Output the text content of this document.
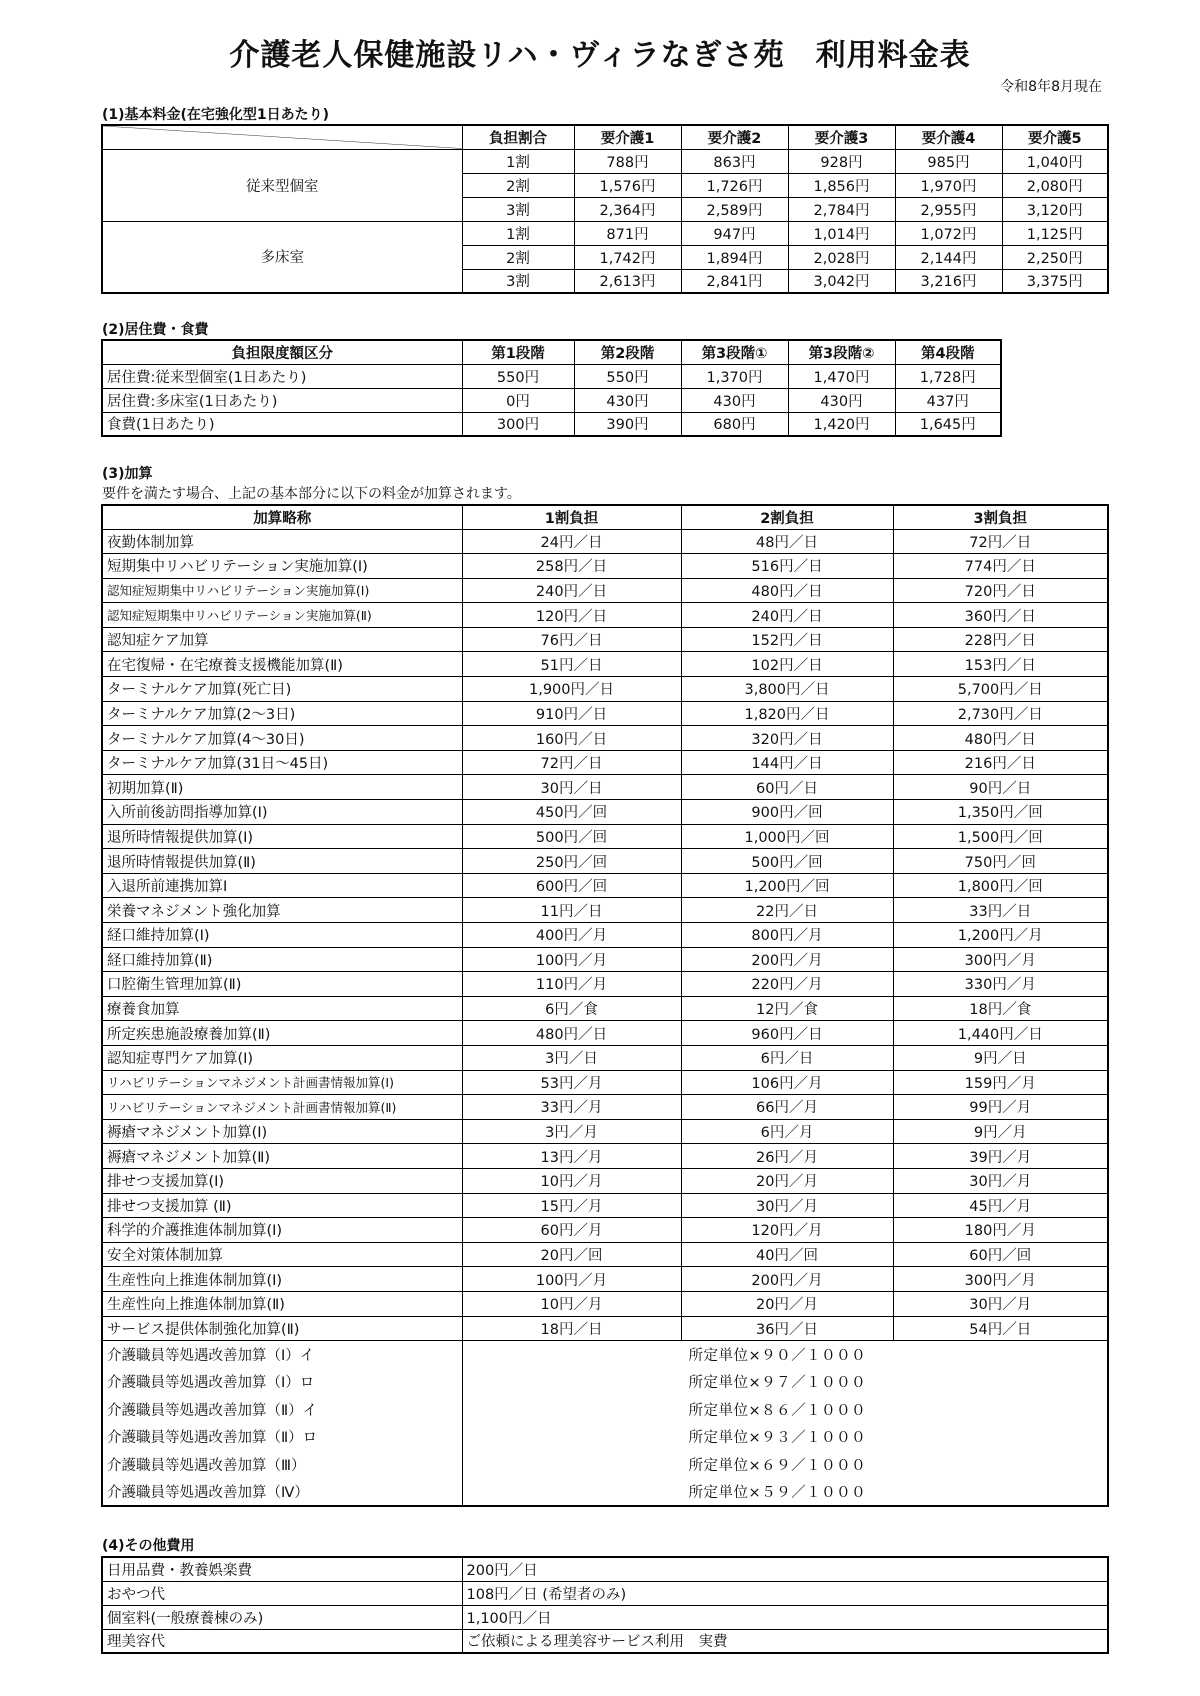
介護老人保健施設リハ・ヴィラなぎさ苑　利用料金表
令和8年8月現在
(1)基本料金(在宅強化型1日あたり)
	負担割合	要介護1	要介護2	要介護3	要介護4	要介護5
従来型個室	1割	788円	863円	928円	985円	1,040円
	2割	1,576円	1,726円	1,856円	1,970円	2,080円
	3割	2,364円	2,589円	2,784円	2,955円	3,120円
多床室	1割	871円	947円	1,014円	1,072円	1,125円
	2割	1,742円	1,894円	2,028円	2,144円	2,250円
	3割	2,613円	2,841円	3,042円	3,216円	3,375円
(2)居住費・食費
負担限度額区分	第1段階	第2段階	第3段階①	第3段階②	第4段階
居住費:従来型個室(1日あたり)	550円	550円	1,370円	1,470円	1,728円
居住費:多床室(1日あたり)	0円	430円	430円	430円	437円
食費(1日あたり)	300円	390円	680円	1,420円	1,645円
(3)加算
要件を満たす場合、上記の基本部分に以下の料金が加算されます。
加算略称	1割負担	2割負担	3割負担
夜勤体制加算	24円／日	48円／日	72円／日
短期集中リハビリテーション実施加算(Ⅰ)	258円／日	516円／日	774円／日
認知症短期集中リハビリテーション実施加算(Ⅰ)	240円／日	480円／日	720円／日
認知症短期集中リハビリテーション実施加算(Ⅱ)	120円／日	240円／日	360円／日
認知症ケア加算	76円／日	152円／日	228円／日
在宅復帰・在宅療養支援機能加算(Ⅱ)	51円／日	102円／日	153円／日
ターミナルケア加算(死亡日)	1,900円／日	3,800円／日	5,700円／日
ターミナルケア加算(2～3日)	910円／日	1,820円／日	2,730円／日
ターミナルケア加算(4～30日)	160円／日	320円／日	480円／日
ターミナルケア加算(31日～45日)	72円／日	144円／日	216円／日
初期加算(Ⅱ)	30円／日	60円／日	90円／日
入所前後訪問指導加算(Ⅰ)	450円／回	900円／回	1,350円／回
退所時情報提供加算(Ⅰ)	500円／回	1,000円／回	1,500円／回
退所時情報提供加算(Ⅱ)	250円／回	500円／回	750円／回
入退所前連携加算Ⅰ	600円／回	1,200円／回	1,800円／回
栄養マネジメント強化加算	11円／日	22円／日	33円／日
経口維持加算(Ⅰ)	400円／月	800円／月	1,200円／月
経口維持加算(Ⅱ)	100円／月	200円／月	300円／月
口腔衛生管理加算(Ⅱ)	110円／月	220円／月	330円／月
療養食加算	6円／食	12円／食	18円／食
所定疾患施設療養加算(Ⅱ)	480円／日	960円／日	1,440円／日
認知症専門ケア加算(Ⅰ)	3円／日	6円／日	9円／日
リハビリテーションマネジメント計画書情報加算(Ⅰ)	53円／月	106円／月	159円／月
リハビリテーションマネジメント計画書情報加算(Ⅱ)	33円／月	66円／月	99円／月
褥瘡マネジメント加算(Ⅰ)	3円／月	6円／月	9円／月
褥瘡マネジメント加算(Ⅱ)	13円／月	26円／月	39円／月
排せつ支援加算(Ⅰ)	10円／月	20円／月	30円／月
排せつ支援加算 (Ⅱ)	15円／月	30円／月	45円／月
科学的介護推進体制加算(Ⅰ)	60円／月	120円／月	180円／月
安全対策体制加算	20円／回	40円／回	60円／回
生産性向上推進体制加算(Ⅰ)	100円／月	200円／月	300円／月
生産性向上推進体制加算(Ⅱ)	10円／月	20円／月	30円／月
サービス提供体制強化加算(Ⅱ)	18円／日	36円／日	54円／日
介護職員等処遇改善加算（Ⅰ）イ	所定単位×９０／１０００		
介護職員等処遇改善加算（Ⅰ）ロ	所定単位×９７／１０００		
介護職員等処遇改善加算（Ⅱ）イ	所定単位×８６／１０００		
介護職員等処遇改善加算（Ⅱ）ロ	所定単位×９３／１０００		
介護職員等処遇改善加算（Ⅲ）	所定単位×６９／１０００		
介護職員等処遇改善加算（Ⅳ）	所定単位×５９／１０００		
(4)その他費用
日用品費・教養娯楽費	200円／日
おやつ代	108円／日 (希望者のみ)
個室料(一般療養棟のみ)	1,100円／日
理美容代	ご依頼による理美容サービス利用　実費
